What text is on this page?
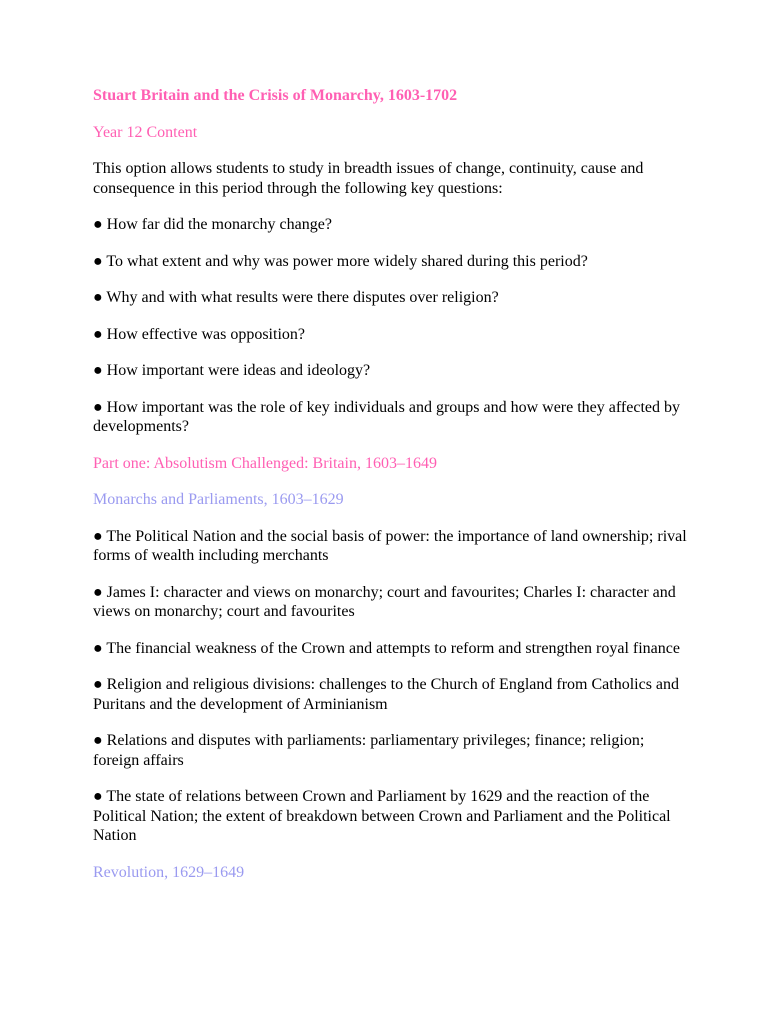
Stuart Britain and the Crisis of Monarchy, 1603-1702

Year 12 Content

This option allows students to study in breadth issues of change, continuity, cause and consequence in this period through the following key questions:

● How far did the monarchy change?

● To what extent and why was power more widely shared during this period?

● Why and with what results were there disputes over religion?

● How effective was opposition?

● How important were ideas and ideology?

● How important was the role of key individuals and groups and how were they affected by developments?

Part one: Absolutism Challenged: Britain, 1603–1649

Monarchs and Parliaments, 1603–1629

● The Political Nation and the social basis of power: the importance of land ownership; rival forms of wealth including merchants

● James I: character and views on monarchy; court and favourites; Charles I: character and views on monarchy; court and favourites

● The financial weakness of the Crown and attempts to reform and strengthen royal finance

● Religion and religious divisions: challenges to the Church of England from Catholics and Puritans and the development of Arminianism

● Relations and disputes with parliaments: parliamentary privileges; finance; religion; foreign affairs

● The state of relations between Crown and Parliament by 1629 and the reaction of the Political Nation; the extent of breakdown between Crown and Parliament and the Political Nation

Revolution, 1629–1649
